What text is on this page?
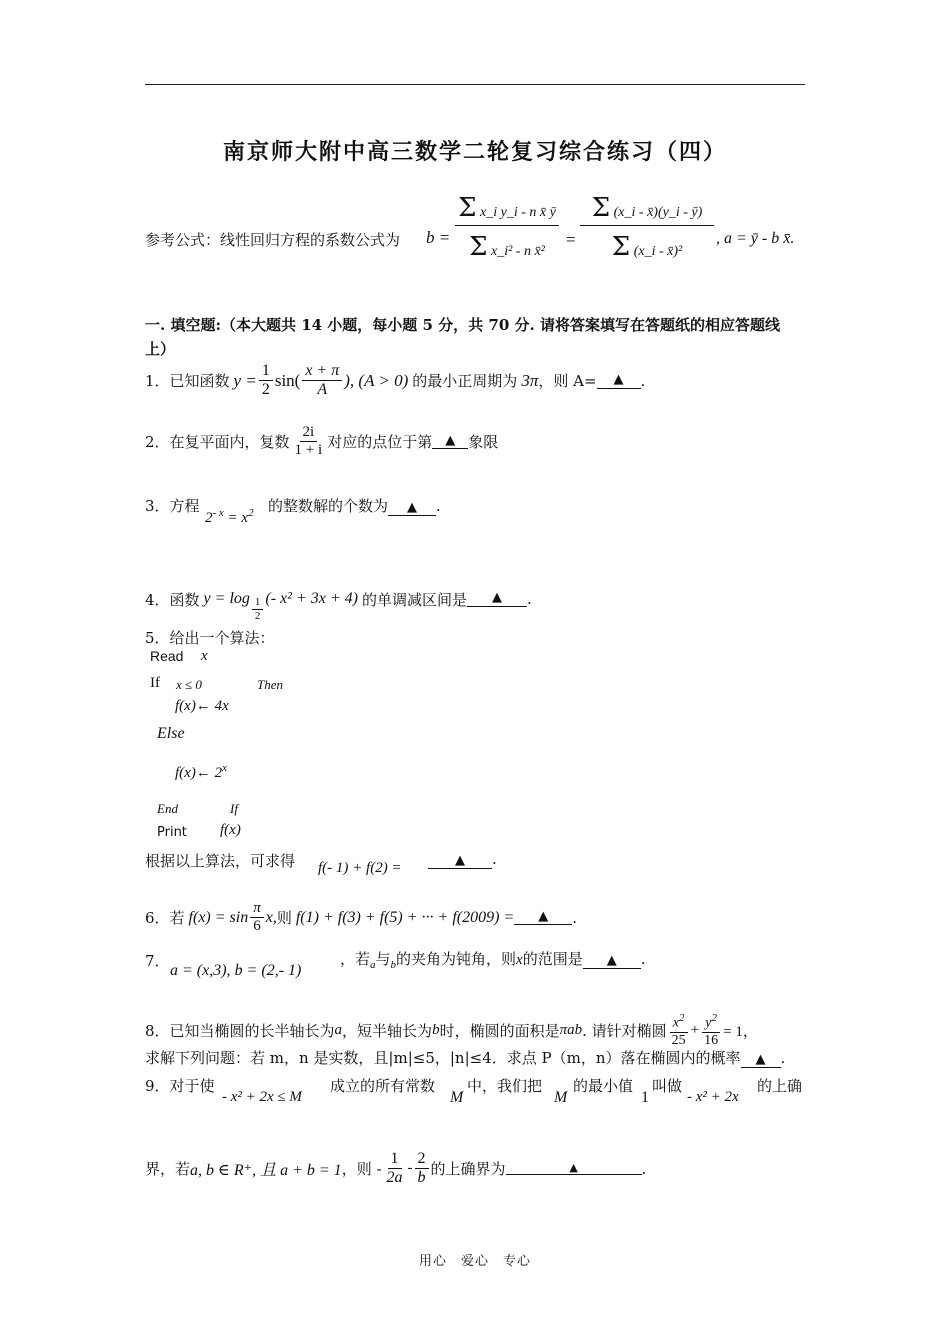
南京师大附中高三数学二轮复习综合练习（四）
参考公式：线性回归方程的系数公式为 b =
Σ x_i y_i - n x̄ ȳ
Σ x_i² - n x̄²
=
Σ (x_i - x̄)(y_i - ȳ)
Σ (x_i - x̄)²
, a = ȳ - b x̄.
一. 填空题:（本大题共 14 小题，每小题 5 分，共 70 分. 请将答案填写在答题纸的相应答题线
上）
1．已知函数 $y = \frac{1}{2} \sin( \frac{x + \pi}{A}$ ), (A > 0) 的最小正周期为 3π ，则 A=	▲	.
2．在复平面内，复数 $\frac{2i}{1 + i}$ 对应的点位于第	▲ 象限
3．方程
$2^{- x} = x^2$ 的整数解的个数为 ▲ .
4．函数 $y = \log \frac{1}{2}$ (- x² + 3x + 4) 的单调减区间是	▲	.
5．给出一个算法：
Read x
If x ≤ 0	Then
f(x)← 4x
Else
f(x)← 2$^x$
End	If
Print f(x)
根据以上算法，可求得 f(- 1) + f(2) =	▲ .
6．若 $f(x) = \sin \frac{\pi}{6} x$, 则 f(1) + f(3) + f(5) + ··· + f(2009) =	▲	.
7．
a = (x,3), b = (2,- 1)
，若$_a$与$_b$的夹角为钝角，则x的范围是 ▲ .
8．已知当椭圆的长半轴长为 a ，短半轴长为 b 时，椭圆的面积是 πab . 请针对椭圆 $\frac{x^2}{25} + \frac{y^2}{16} = 1$，
求解下列问题：若 m，n 是实数，且|m|≤5，|n|≤4．求点 P（m，n）落在椭圆内的概率 ▲ .
9．对于使
- x² + 2x ≤ M
成立的所有常数
M
中，我们把
M
的最小值
1
叫做
- x² + 2x
的上确
界，若 a, b ∈ R⁺, 且 a + b = 1 ，则 - $\frac{1}{2a} - \frac{2}{b}$ 的上确界为	▲	.
用心　爱心　专心
